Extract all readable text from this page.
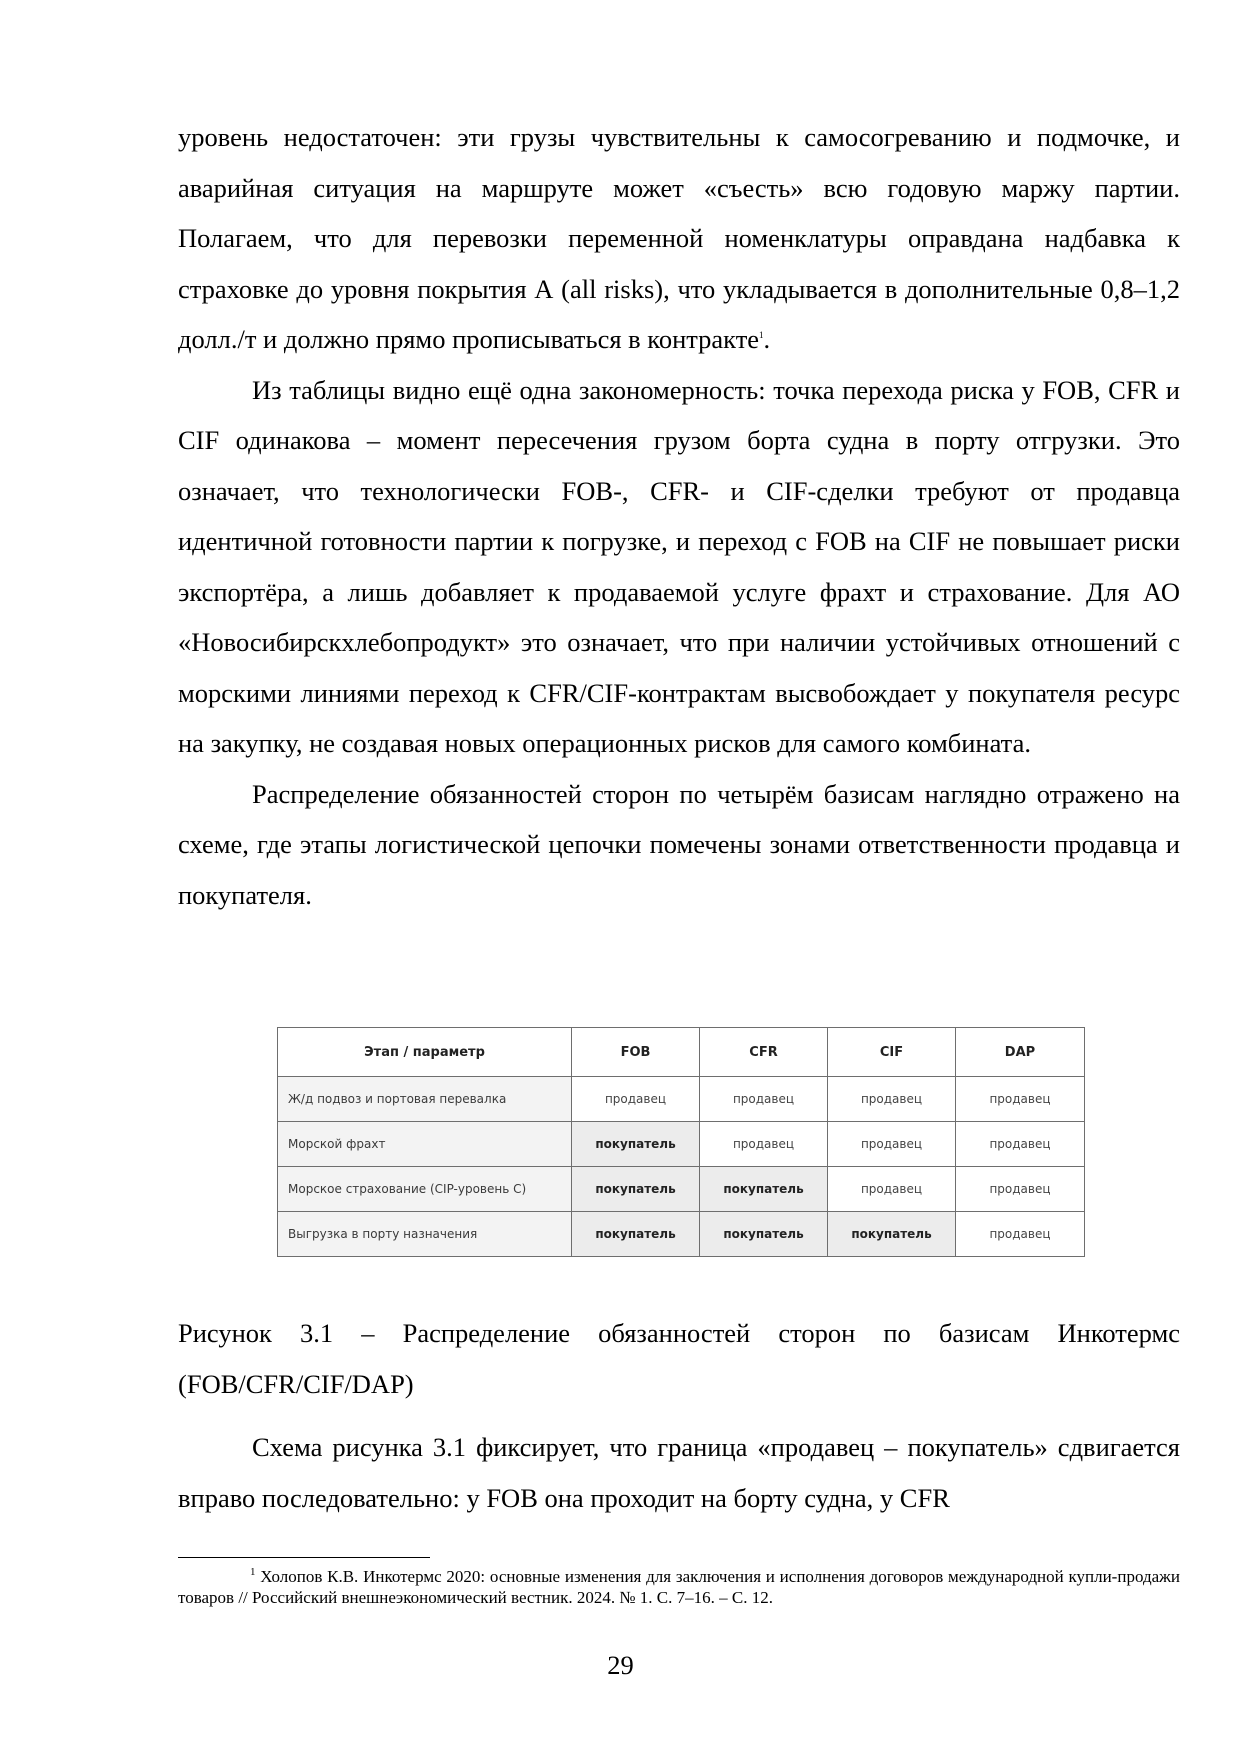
уровень недостаточен: эти грузы чувствительны к самосогреванию и подмочке, и аварийная ситуация на маршруте может «съесть» всю годовую маржу партии. Полагаем, что для перевозки переменной номенклатуры оправдана надбавка к страховке до уровня покрытия А (all risks), что укладывается в дополнительные 0,8–1,2 долл./т и должно прямо прописываться в контракте$^1$.

Из таблицы видно ещё одна закономерность: точка перехода риска у FOB, CFR и CIF одинакова – момент пересечения грузом борта судна в порту отгрузки. Это означает, что технологически FOB-, CFR- и CIF-сделки требуют от продавца идентичной готовности партии к погрузке, и переход с FOB на CIF не повышает риски экспортёра, а лишь добавляет к продаваемой услуге фрахт и страхование. Для АО «Новосибирскхлебопродукт» это означает, что при наличии устойчивых отношений с морскими линиями переход к CFR/CIF-контрактам высвобождает у покупателя ресурс на закупку, не создавая новых операционных рисков для самого комбината.

Распределение обязанностей сторон по четырём базисам наглядно отражено на схеме, где этапы логистической цепочки помечены зонами ответственности продавца и покупателя.

Этап / параметр	FOB	CFR	CIF	DAP
Ж/д подвоз и портовая перевалка	продавец	продавец	продавец	продавец
Морской фрахт	покупатель	продавец	продавец	продавец
Морское страхование (CIP-уровень C)	покупатель	покупатель	продавец	продавец
Выгрузка в порту назначения	покупатель	покупатель	покупатель	продавец
Рисунок 3.1 – Распределение обязанностей сторон по базисам Инкотермс (FOB/CFR/CIF/DAP)

Схема рисунка 3.1 фиксирует, что граница «продавец – покупатель» сдвигается вправо последовательно: у FOB она проходит на борту судна, у CFR

$^1$ Холопов К.В. Инкотермс 2020: основные изменения для заключения и исполнения договоров международной купли-продажи товаров // Российский внешнеэкономический вестник. 2024. № 1. С. 7–16. – С. 12.
29
